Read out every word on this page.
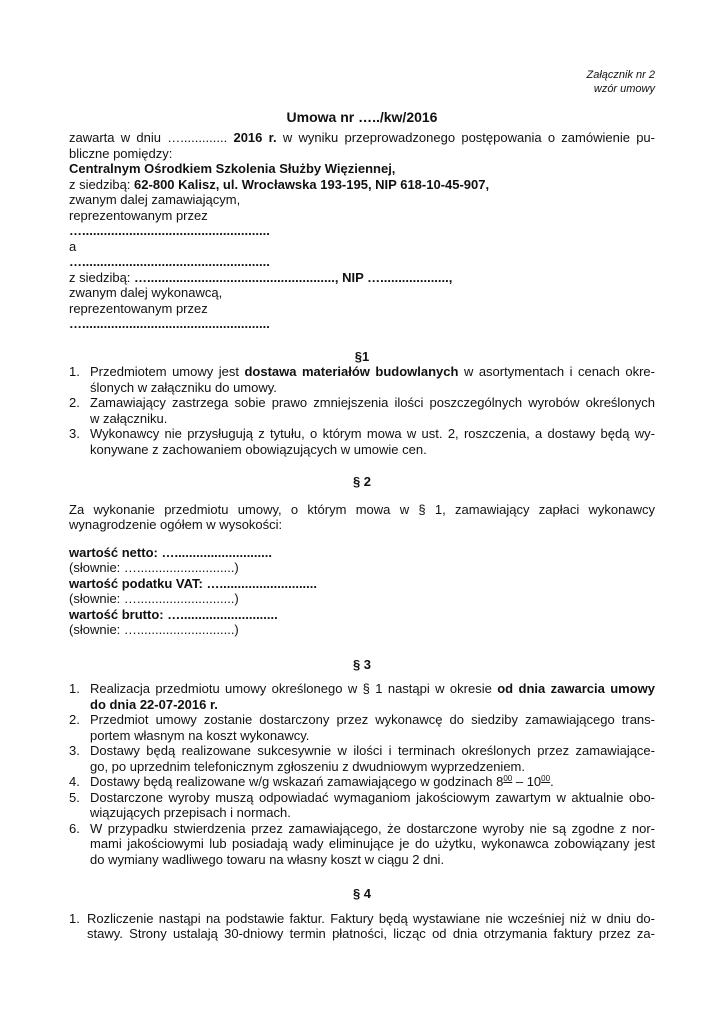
Załącznik nr 2
wzór umowy
Umowa nr …../kw/2016
zawarta w dniu …............. 2016 r. w wyniku przeprowadzonego postępowania o zamówienie pu-
bliczne pomiędzy:
Centralnym Ośrodkiem Szkolenia Służby Więziennej,
z siedzibą: 62-800 Kalisz, ul. Wrocławska 193-195, NIP 618-10-45-907,
zwanym dalej zamawiającym,
reprezentowanym przez
…....................................................
a
…....................................................
z siedzibą: …...................................................., NIP …...................,
zwanym dalej wykonawcą,
reprezentowanym przez
…....................................................
§1
1. Przedmiotem umowy jest dostawa materiałów budowlanych w asortymentach i cenach okre-
ślonych w załączniku do umowy.
2. Zamawiający zastrzega sobie prawo zmniejszenia ilości poszczególnych wyrobów określonych
w załączniku.
3. Wykonawcy nie przysługują z tytułu, o którym mowa w ust. 2, roszczenia, a dostawy będą wy-
konywane z zachowaniem obowiązujących w umowie cen.
§ 2
Za wykonanie przedmiotu umowy, o którym mowa w § 1, zamawiający zapłaci wykonawcy
wynagrodzenie ogółem w wysokości:
wartość netto: …...........................
(słownie: …...........................)
wartość podatku VAT: …...........................
(słownie: …...........................)
wartość brutto: …...........................
(słownie: …...........................)
§ 3
1. Realizacja przedmiotu umowy określonego w § 1 nastąpi w okresie od dnia zawarcia umowy
do dnia 22-07-2016 r.
2. Przedmiot umowy zostanie dostarczony przez wykonawcę do siedziby zamawiającego trans-
portem własnym na koszt wykonawcy.
3. Dostawy będą realizowane sukcesywnie w ilości i terminach określonych przez zamawiające-
go, po uprzednim telefonicznym zgłoszeniu z dwudniowym wyprzedzeniem.
4. Dostawy będą realizowane w/g wskazań zamawiającego w godzinach $8^{00} - 10^{00}$.
5. Dostarczone wyroby muszą odpowiadać wymaganiom jakościowym zawartym w aktualnie obo-
wiązujących przepisach i normach.
6. W przypadku stwierdzenia przez zamawiającego, że dostarczone wyroby nie są zgodne z nor-
mami jakościowymi lub posiadają wady eliminujące je do użytku, wykonawca zobowiązany jest
do wymiany wadliwego towaru na własny koszt w ciągu 2 dni.
§ 4
1. Rozliczenie nastąpi na podstawie faktur. Faktury będą wystawiane nie wcześniej niż w dniu do-
stawy. Strony ustalają 30-dniowy termin płatności, licząc od dnia otrzymania faktury przez za-
